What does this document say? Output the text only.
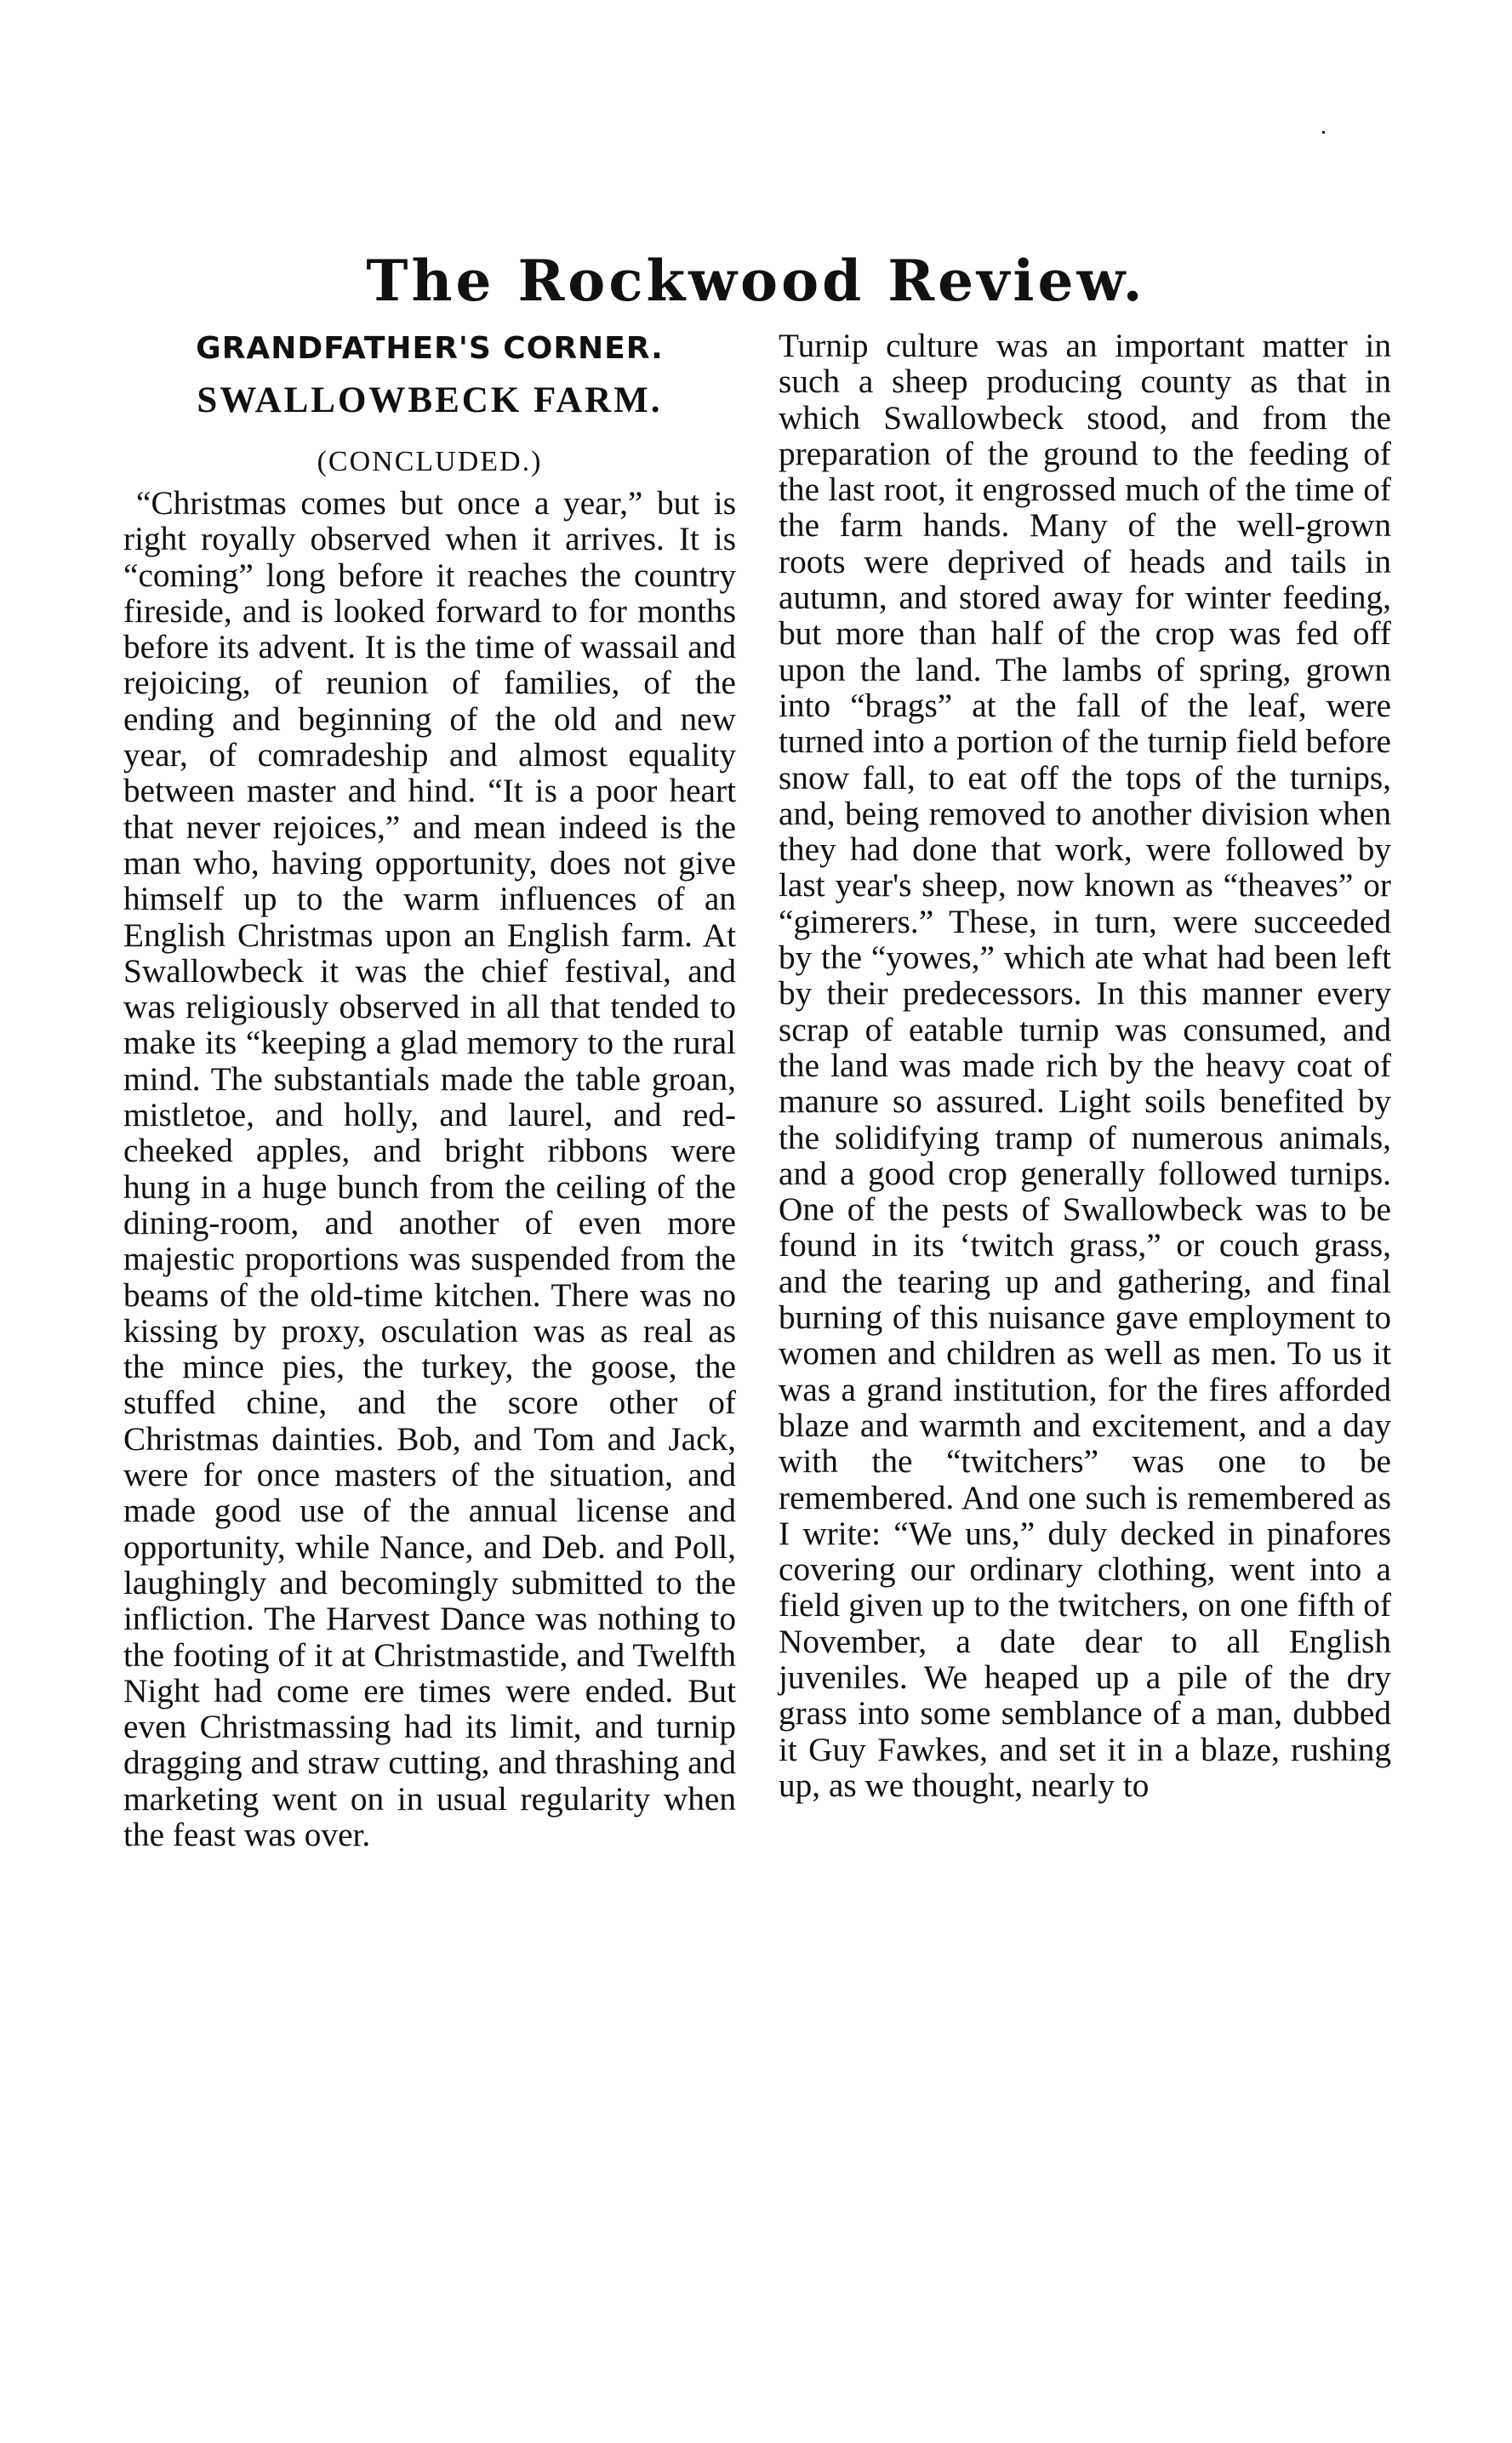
˙
The Rockwood Review.
GRANDFATHER'S CORNER.
SWALLOWBECK FARM.
(CONCLUDED.)

“Christmas comes but once a year,” but is right royally observed when it arrives. It is “coming” long before it reaches the country fireside, and is looked forward to for months before its advent. It is the time of wassail and rejoicing, of reunion of families, of the ending and beginning of the old and new year, of comradeship and almost equality between master and hind. “It is a poor heart that never rejoices,” and mean indeed is the man who, having opportunity, does not give himself up to the warm influences of an English Christmas upon an English farm. At Swallowbeck it was the chief festival, and was religiously observed in all that tended to make its “keeping a glad memory to the rural mind. The substantials made the table groan, mistletoe, and holly, and laurel, and red-cheeked apples, and bright ribbons were hung in a huge bunch from the ceiling of the dining-room, and another of even more majestic proportions was suspended from the beams of the old-time kitchen. There was no kissing by proxy, osculation was as real as the mince pies, the turkey, the goose, the stuffed chine, and the score other of Christmas dainties. Bob, and Tom and Jack, were for once masters of the situation, and made good use of the annual license and opportunity, while Nance, and Deb. and Poll, laughingly and becomingly submitted to the infliction. The Harvest Dance was nothing to the footing of it at Christmastide, and Twelfth Night had come ere times were ended. But even Christmassing had its limit, and turnip dragging and straw cutting, and thrashing and marketing went on in usual regularity when the feast was over.

Turnip culture was an important matter in such a sheep producing county as that in which Swallowbeck stood, and from the preparation of the ground to the feeding of the last root, it engrossed much of the time of the farm hands. Many of the well-grown roots were deprived of heads and tails in autumn, and stored away for winter feeding, but more than half of the crop was fed off upon the land. The lambs of spring, grown into “brags” at the fall of the leaf, were turned into a portion of the turnip field before snow fall, to eat off the tops of the turnips, and, being removed to another division when they had done that work, were followed by last year's sheep, now known as “theaves” or “gimerers.” These, in turn, were succeeded by the “yowes,” which ate what had been left by their predecessors. In this manner every scrap of eatable turnip was consumed, and the land was made rich by the heavy coat of manure so assured. Light soils benefited by the solidifying tramp of numerous animals, and a good crop generally followed turnips. One of the pests of Swallowbeck was to be found in its ‘twitch grass,” or couch grass, and the tearing up and gathering, and final burning of this nuisance gave employment to women and children as well as men. To us it was a grand institution, for the fires afforded blaze and warmth and excitement, and a day with the “twitchers” was one to be remembered. And one such is remembered as I write: “We uns,” duly decked in pinafores covering our ordinary clothing, went into a field given up to the twitchers, on one fifth of November, a date dear to all English juveniles. We heaped up a pile of the dry grass into some semblance of a man, dubbed it Guy Fawkes, and set it in a blaze, rushing up, as we thought, nearly to
